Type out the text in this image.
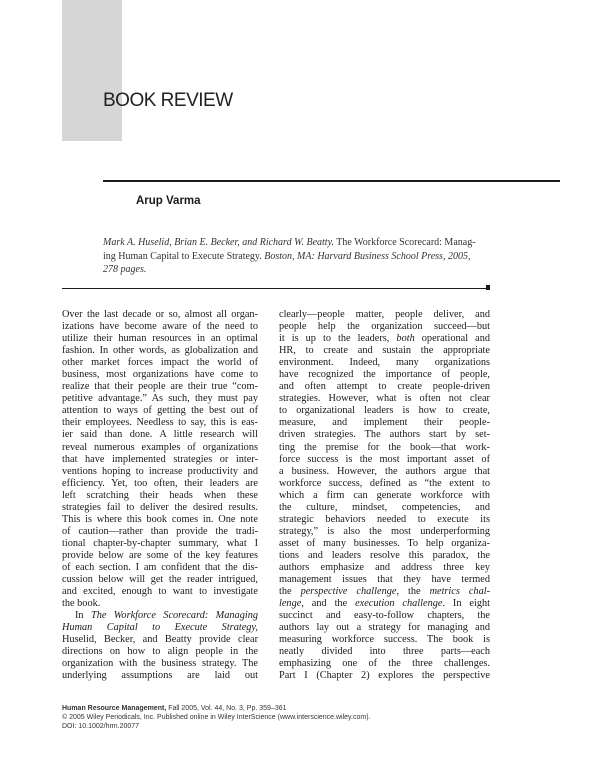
BOOK REVIEW

Arup Varma

Mark A. Huselid, Brian E. Becker, and Richard W. Beatty. The Workforce Scorecard: Manag-
ing Human Capital to Execute Strategy. Boston, MA: Harvard Business School Press, 2005,
278 pages.

Over the last decade or so, almost all organ-
izations have become aware of the need to
utilize their human resources in an optimal
fashion. In other words, as globalization and
other market forces impact the world of
business, most organizations have come to
realize that their people are their true “com-
petitive advantage.” As such, they must pay
attention to ways of getting the best out of
their employees. Needless to say, this is eas-
ier said than done. A little research will
reveal numerous examples of organizations
that have implemented strategies or inter-
ventions hoping to increase productivity and
efficiency. Yet, too often, their leaders are
left scratching their heads when these
strategies fail to deliver the desired results.
This is where this book comes in. One note
of caution—rather than provide the tradi-
tional chapter-by-chapter summary, what I
provide below are some of the key features
of each section. I am confident that the dis-
cussion below will get the reader intrigued,
and excited, enough to want to investigate
the book.
In The Workforce Scorecard: Managing
Human Capital to Execute Strategy,
Huselid, Becker, and Beatty provide clear
directions on how to align people in the
organization with the business strategy. The
underlying assumptions are laid out
clearly—people matter, people deliver, and
people help the organization succeed—but
it is up to the leaders, both operational and
HR, to create and sustain the appropriate
environment. Indeed, many organizations
have recognized the importance of people,
and often attempt to create people-driven
strategies. However, what is often not clear
to organizational leaders is how to create,
measure, and implement their people-
driven strategies. The authors start by set-
ting the premise for the book—that work-
force success is the most important asset of
a business. However, the authors argue that
workforce success, defined as “the extent to
which a firm can generate workforce with
the culture, mindset, competencies, and
strategic behaviors needed to execute its
strategy,” is also the most underperforming
asset of many businesses. To help organiza-
tions and leaders resolve this paradox, the
authors emphasize and address three key
management issues that they have termed
the perspective challenge, the metrics chal-
lenge, and the execution challenge. In eight
succinct and easy-to-follow chapters, the
authors lay out a strategy for managing and
measuring workforce success. The book is
neatly divided into three parts—each
emphasizing one of the three challenges.
Part I (Chapter 2) explores the perspective
Human Resource Management, Fall 2005, Vol. 44, No. 3, Pp. 359–361
© 2005 Wiley Periodicals, Inc. Published online in Wiley InterScience (www.interscience.wiley.com).
DOI: 10.1002/hrm.20077
